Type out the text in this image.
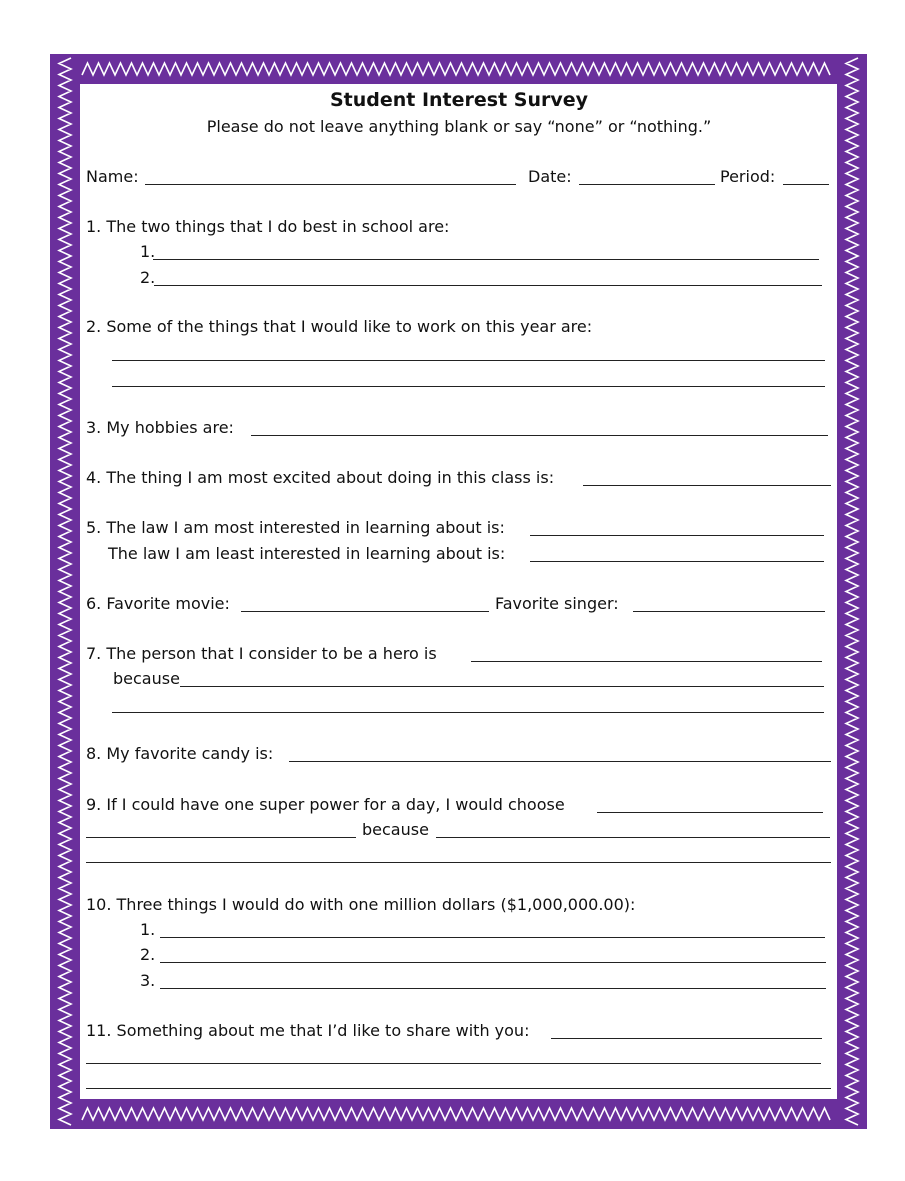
Student Interest Survey
Please do not leave anything blank or say “none” or “nothing.”
Name:	Date:	Period:
1. The two things that I do best in school are:
1.
2.
2. Some of the things that I would like to work on this year are:
3. My hobbies are:
4. The thing I am most excited about doing in this class is:
5. The law I am most interested in learning about is:
The law I am least interested in learning about is:
6. Favorite movie:	Favorite singer:
7. The person that I consider to be a hero is
because
8. My favorite candy is:
9. If I could have one super power for a day, I would choose
because
10. Three things I would do with one million dollars ($1,000,000.00):
1.
2.
3.
11. Something about me that I’d like to share with you:
